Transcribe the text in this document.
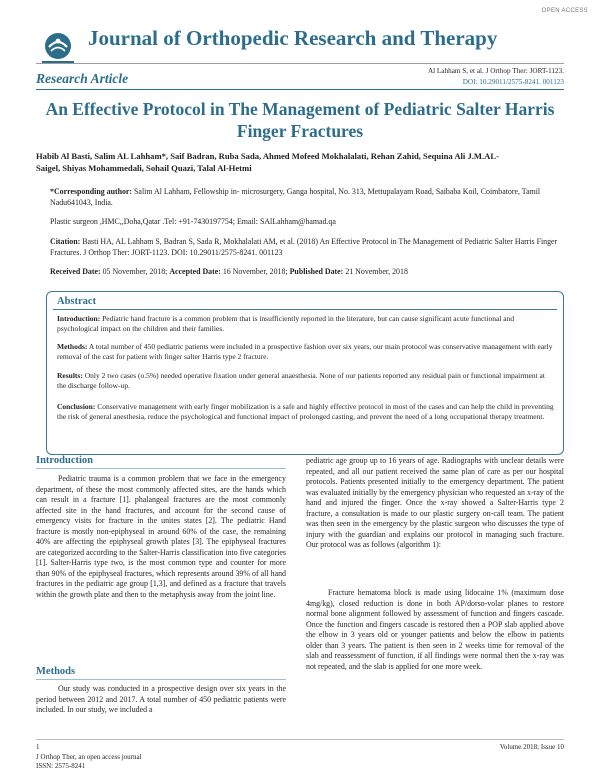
OPEN ACCESS
Journal of Orthopedic Research and Therapy
Research Article	Al Lahham S, et al. J Orthop Ther: JORT-1123.
DOI: 10.29011/2575-8241. 001123
An Effective Protocol in The Management of Pediatric Salter Harris Finger Fractures
Habib Al Basti, Salim AL Lahham*, Saif Badran, Ruba Sada, Ahmed Mofeed Mokhalalati, Rehan Zahid, Sequina Ali J.M.AL-
Saigel, Shiyas Mohammedali, Sohail Quazi, Talal Al-Hetmi
*Corresponding author: Salim Al Lahham, Fellowship in- microsurgery, Ganga hospital, No. 313, Mettupalayam Road, Saibaba Koil, Coimbatore, Tamil Nadu641043, India.
Plastic surgeon ,HMC,,Doha,Qatar .Tel: +91-7430197754; Email: SAlLahham@hamad.qa
Citation: Basti HA, AL Lahham S, Badran S, Sada R, Mokhalalati AM, et al. (2018) An Effective Protocol in The Management of Pediatric Salter Harris Finger Fractures. J Orthop Ther: JORT-1123. DOI: 10.29011/2575-8241. 001123
Received Date: 05 November, 2018; Accepted Date: 16 November, 2018; Published Date: 21 November, 2018
Abstract
Introduction: Pediatric hand fracture is a common problem that is insufficiently reported in the literature, but can cause significant acute functional and psychological impact on the children and their families.
Methods: A total number of 450 pediatric patients were included in a prospective fashion over six years, our main protocol was conservative management with early removal of the cast for patient with finger salter Harris type 2 fracture.
Results: Only 2 two cases (o.5%) needed operative fixation under general anaesthesia. None of our patients reported any residual pain or functional impairment at the discharge follow-up.
Conclusion: Conservative management with early finger mobilization is a safe and highly effective protocol in most of the cases and can help the child in preventing the risk of general anesthesia, reduce the psychological and functional impact of prolonged casting, and prevent the need of a long occupational therapy treatment.
Introduction
Pediatric trauma is a common problem that we face in the emergency department, of these the most commonly affected sites, are the hands which can result in a fracture [1]. phalangeal fractures are the most commonly affected site in the hand fractures, and account for the second cause of emergency visits for fracture in the unites states [2]. The pediatric Hand fracture is mostly non-epiphyseal in around 60% of the case, the remaining 40% are affecting the epiphyseal growth plates [3]. The epiphyseal fractures are categorized according to the Salter-Harris classification into five categories [1]. Salter-Harris type two, is the most common type and counter for more than 90% of the epiphyseal fractures, which represents around 39% of all hand fractures in the pediatric age group [1,3], and defined as a fracture that travels within the growth plate and then to the metaphysis away from the joint line.
Methods
Our study was conducted in a prospective design over six years in the period between 2012 and 2017. A total number of 450 pediatric patients were included. In our study, we included a
pediatric age group up to 16 years of age. Radiographs with unclear details were repeated, and all our patient received the same plan of care as per our hospital protocols. Patients presented initially to the emergency department. The patient was evaluated initially by the emergency physician who requested an x-ray of the hand and injured the finger. Once the x-ray showed a Salter-Harris type 2 fracture, a consultation is made to our plastic surgery on-call team. The patient was then seen in the emergency by the plastic surgeon who discusses the type of injury with the guardian and explains our protocol in managing such fracture. Our protocol was as follows (algorithm 1):
Fracture hematoma block is made using lidocaine 1% (maximum dose 4mg/kg), closed reduction is done in both AP/dorso-volar planes to restore normal bone alignment followed by assessment of function and fingers cascade. Once the function and fingers cascade is restored then a POP slab applied above the elbow in 3 years old or younger patients and below the elbow in patients older than 3 years. The patient is then seen in 2 weeks time for removal of the slab and reassessment of function, if all findings were normal then the x-ray was not repeated, and the slab is applied for one more week.
1
J Orthop Ther, an open access journal
ISSN: 2575-8241
Volume 2018; Issue 10
